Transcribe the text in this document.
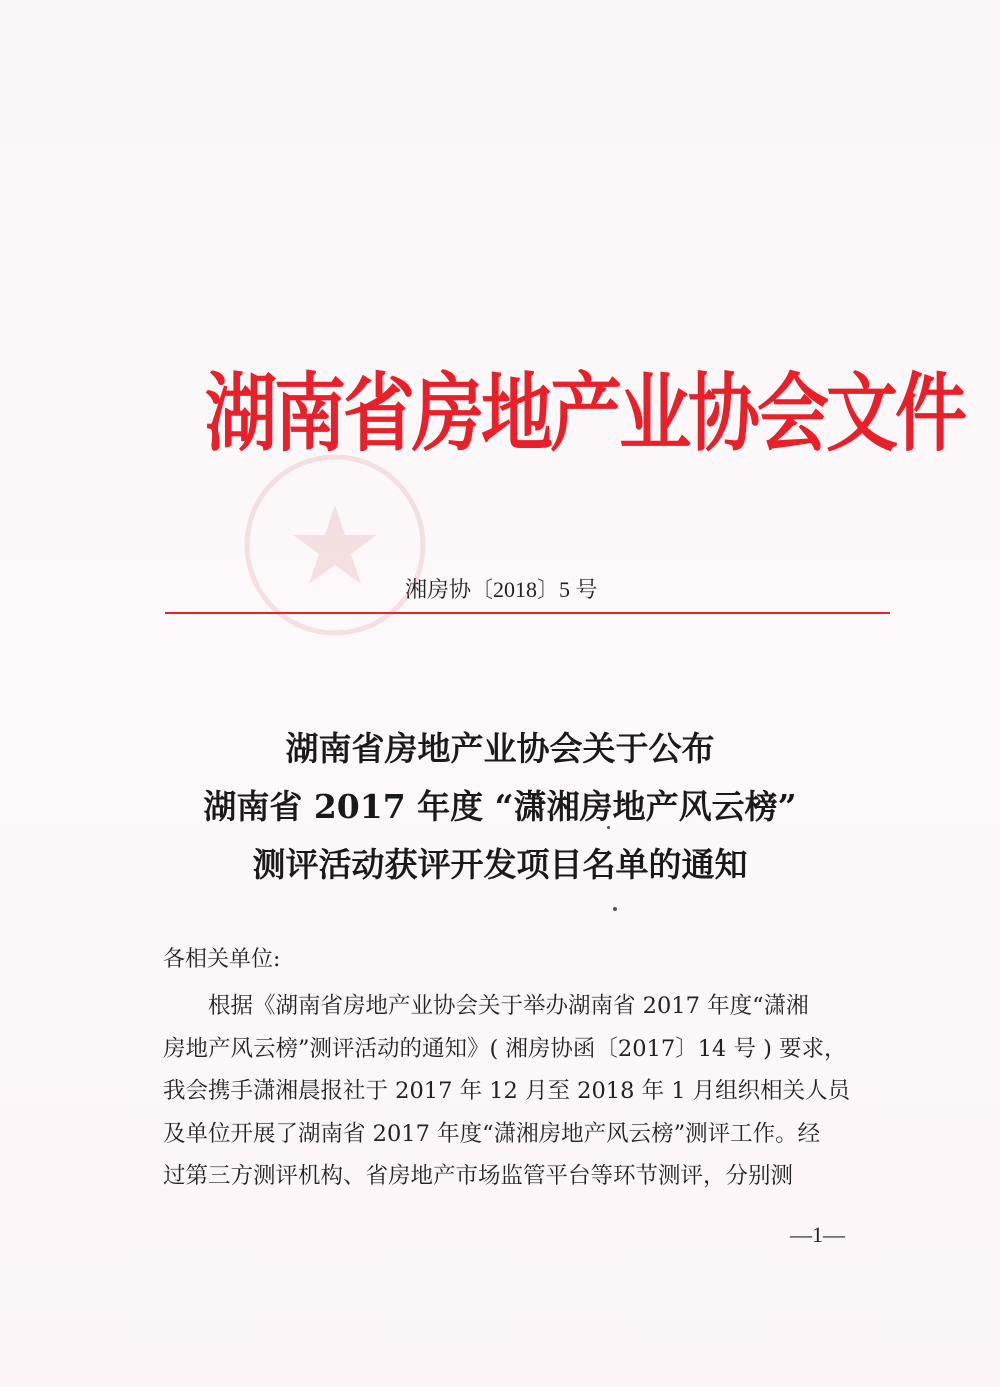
湖南省房地产业协会文件
湘房协〔2018〕5 号
湖南省房地产业协会关于公布
湖南省 2017 年度 “潇湘房地产风云榜”
测评活动获评开发项目名单的通知
各相关单位:
　　根据《湖南省房地产业协会关于举办湖南省 2017 年度“潇湘
房地产风云榜”测评活动的通知》( 湘房协函〔2017〕14 号 ) 要求，
我会携手潇湘晨报社于 2017 年 12 月至 2018 年 1 月组织相关人员
及单位开展了湖南省 2017 年度“潇湘房地产风云榜”测评工作。经
过第三方测评机构、省房地产市场监管平台等环节测评，分别测
—1—
